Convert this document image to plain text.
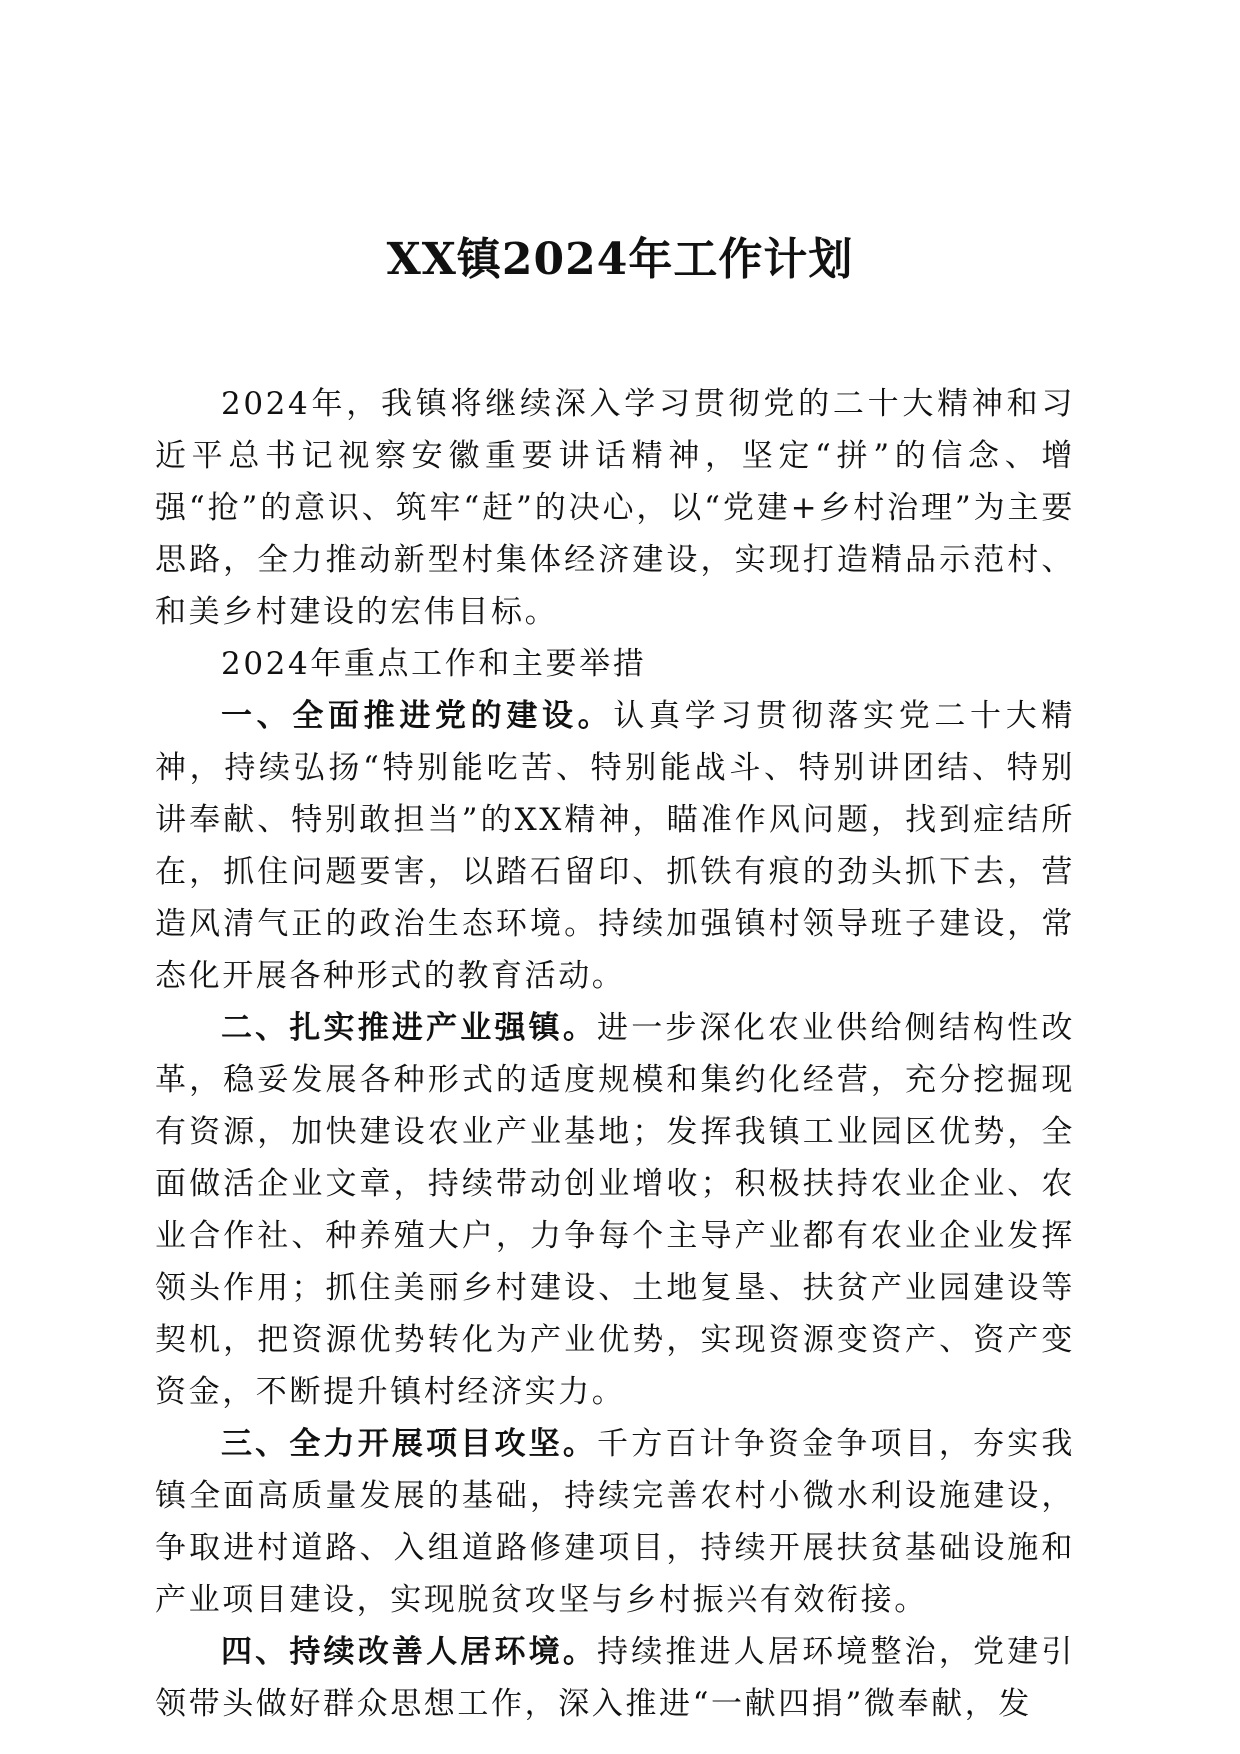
XX镇2024年工作计划

2024年，我镇将继续深入学习贯彻党的二十大精神和习近平总书记视察安徽重要讲话精神，坚定“拼”的信念、增强“抢”的意识、筑牢“赶”的决心，以“党建+乡村治理”为主要思路，全力推动新型村集体经济建设，实现打造精品示范村、和美乡村建设的宏伟目标。

2024年重点工作和主要举措

一、全面推进党的建设。认真学习贯彻落实党二十大精神，持续弘扬“特别能吃苦、特别能战斗、特别讲团结、特别讲奉献、特别敢担当”的XX精神，瞄准作风问题，找到症结所在，抓住问题要害，以踏石留印、抓铁有痕的劲头抓下去，营造风清气正的政治生态环境。持续加强镇村领导班子建设，常态化开展各种形式的教育活动。

二、扎实推进产业强镇。进一步深化农业供给侧结构性改革，稳妥发展各种形式的适度规模和集约化经营，充分挖掘现有资源，加快建设农业产业基地；发挥我镇工业园区优势，全面做活企业文章，持续带动创业增收；积极扶持农业企业、农业合作社、种养殖大户，力争每个主导产业都有农业企业发挥领头作用；抓住美丽乡村建设、土地复垦、扶贫产业园建设等契机，把资源优势转化为产业优势，实现资源变资产、资产变资金，不断提升镇村经济实力。

三、全力开展项目攻坚。千方百计争资金争项目，夯实我镇全面高质量发展的基础，持续完善农村小微水利设施建设，争取进村道路、入组道路修建项目，持续开展扶贫基础设施和产业项目建设，实现脱贫攻坚与乡村振兴有效衔接。

四、持续改善人居环境。持续推进人居环境整治，党建引领带头做好群众思想工作，深入推进“一献四捐”微奉献，发
